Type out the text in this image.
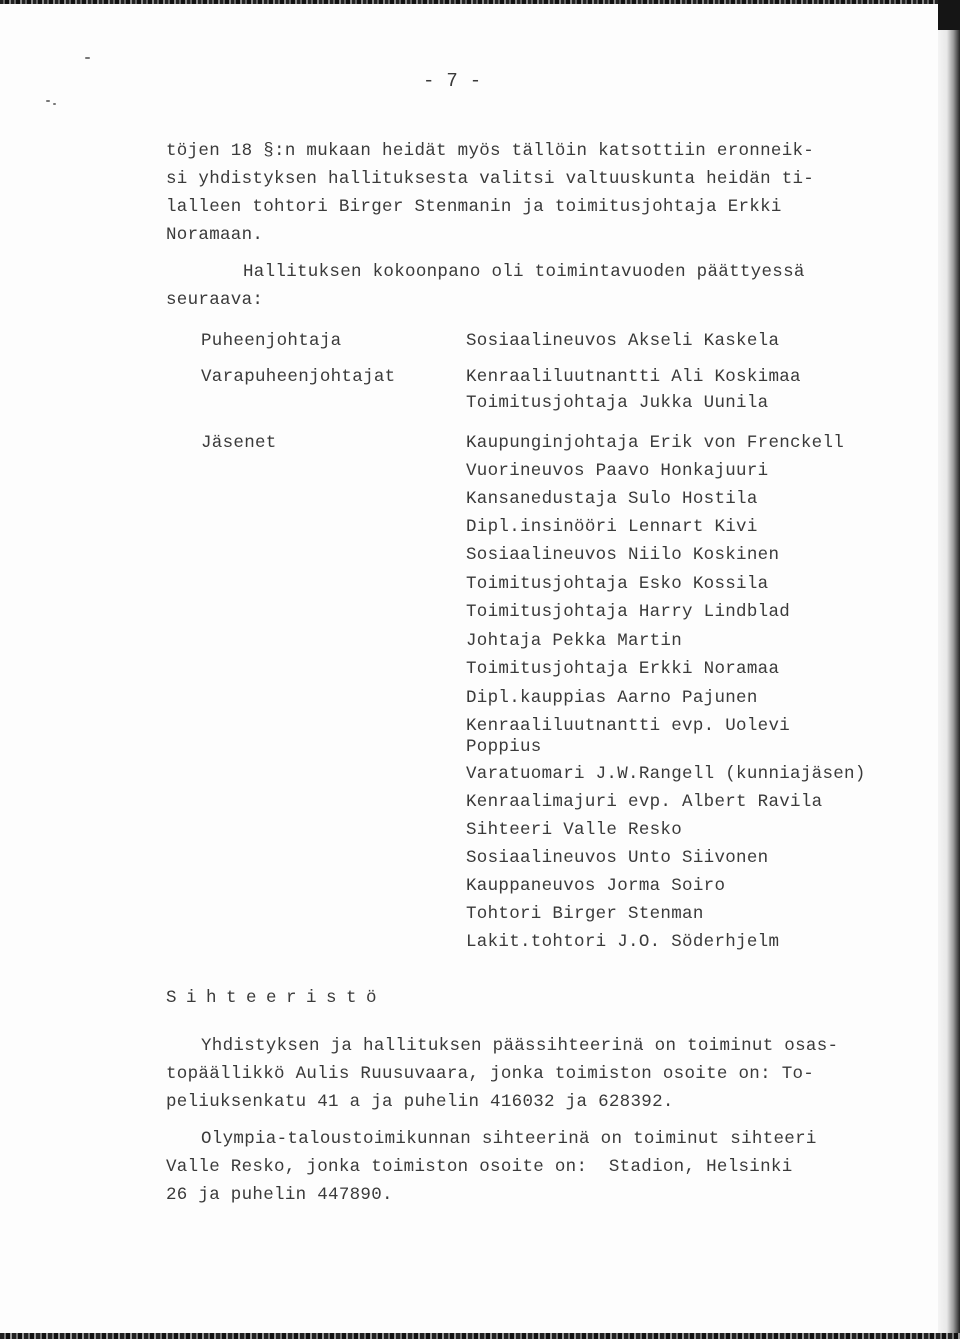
- 7 -
töjen 18 §:n mukaan heidät myös tällöin katsottiin eronneik-
si yhdistyksen hallituksesta valitsi valtuuskunta heidän ti-
lalleen tohtori Birger Stenmanin ja toimitusjohtaja Erkki
Noramaan.
Hallituksen kokoonpano oli toimintavuoden päättyessä
seuraava:
Puheenjohtaja	Sosiaalineuvos Akseli Kaskela
Varapuheenjohtajat	Kenraaliluutnantti Ali Koskimaa
Toimitusjohtaja Jukka Uunila
Jäsenet	Kaupunginjohtaja Erik von Frenckell
Vuorineuvos Paavo Honkajuuri
Kansanedustaja Sulo Hostila
Dipl.insinööri Lennart Kivi
Sosiaalineuvos Niilo Koskinen
Toimitusjohtaja Esko Kossila
Toimitusjohtaja Harry Lindblad
Johtaja Pekka Martin
Toimitusjohtaja Erkki Noramaa
Dipl.kauppias Aarno Pajunen
Kenraaliluutnantti evp. Uolevi
Poppius
Varatuomari J.W.Rangell (kunniajäsen)
Kenraalimajuri evp. Albert Ravila
Sihteeri Valle Resko
Sosiaalineuvos Unto Siivonen
Kauppaneuvos Jorma Soiro
Tohtori Birger Stenman
Lakit.tohtori J.O. Söderhjelm
Sihteeristö
Yhdistyksen ja hallituksen päässihteerinä on toiminut osas-
topäällikkö Aulis Ruusuvaara, jonka toimiston osoite on: To-
peliuksenkatu 41 a ja puhelin 416032 ja 628392.
Olympia-taloustoimikunnan sihteerinä on toiminut sihteeri
Valle Resko, jonka toimiston osoite on:  Stadion, Helsinki
26 ja puhelin 447890.
